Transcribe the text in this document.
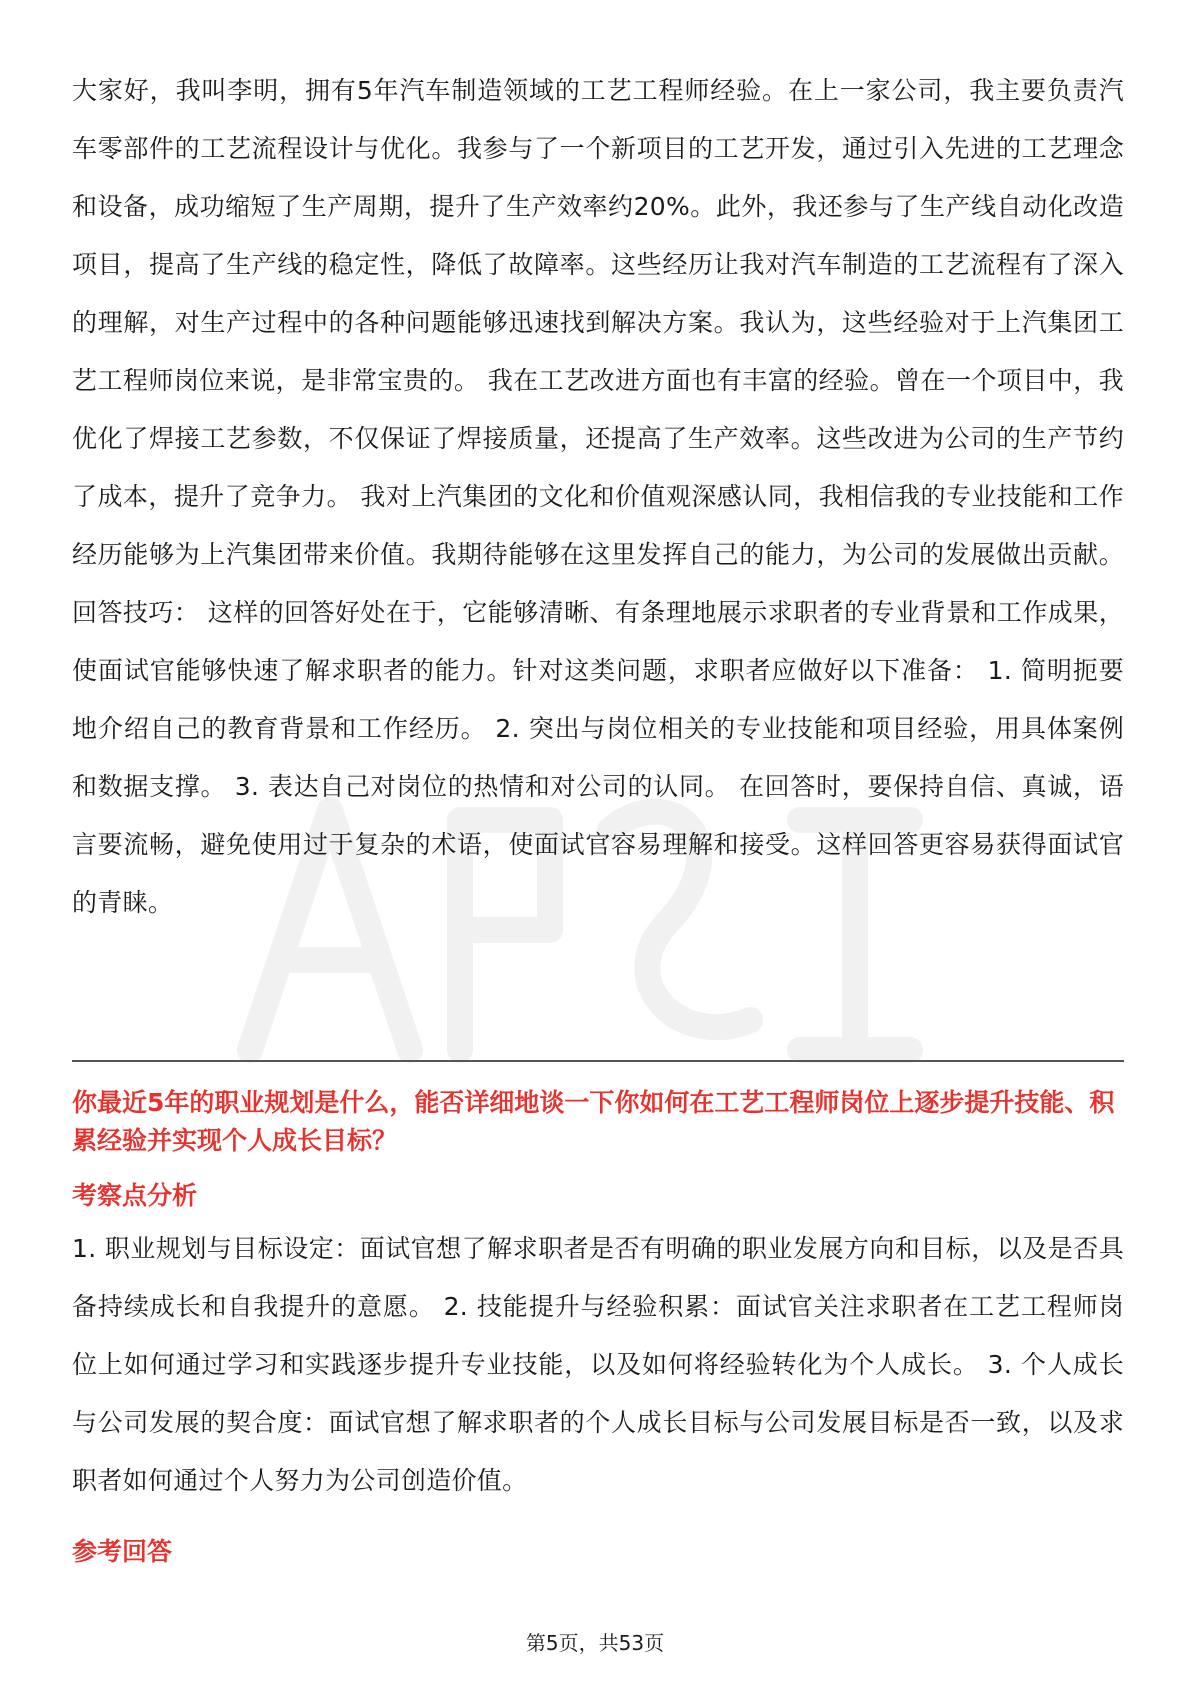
大家好，我叫李明，拥有5年汽车制造领域的工艺工程师经验。在上一家公司，我主要负责汽车零部件的工艺流程设计与优化。我参与了一个新项目的工艺开发，通过引入先进的工艺理念和设备，成功缩短了生产周期，提升了生产效率约20%。此外，我还参与了生产线自动化改造项目，提高了生产线的稳定性，降低了故障率。这些经历让我对汽车制造的工艺流程有了深入的理解，对生产过程中的各种问题能够迅速找到解决方案。我认为，这些经验对于上汽集团工艺工程师岗位来说，是非常宝贵的。 我在工艺改进方面也有丰富的经验。曾在一个项目中，我优化了焊接工艺参数，不仅保证了焊接质量，还提高了生产效率。这些改进为公司的生产节约了成本，提升了竞争力。 我对上汽集团的文化和价值观深感认同，我相信我的专业技能和工作经历能够为上汽集团带来价值。我期待能够在这里发挥自己的能力，为公司的发展做出贡献。 回答技巧： 这样的回答好处在于，它能够清晰、有条理地展示求职者的专业背景和工作成果，使面试官能够快速了解求职者的能力。针对这类问题，求职者应做好以下准备： 1. 简明扼要地介绍自己的教育背景和工作经历。 2. 突出与岗位相关的专业技能和项目经验，用具体案例和数据支撑。 3. 表达自己对岗位的热情和对公司的认同。 在回答时，要保持自信、真诚，语言要流畅，避免使用过于复杂的术语，使面试官容易理解和接受。这样回答更容易获得面试官的青睐。

你最近5年的职业规划是什么，能否详细地谈一下你如何在工艺工程师岗位上逐步提升技能、积累经验并实现个人成长目标？

考察点分析

1. 职业规划与目标设定：面试官想了解求职者是否有明确的职业发展方向和目标，以及是否具备持续成长和自我提升的意愿。 2. 技能提升与经验积累：面试官关注求职者在工艺工程师岗位上如何通过学习和实践逐步提升专业技能，以及如何将经验转化为个人成长。 3. 个人成长与公司发展的契合度：面试官想了解求职者的个人成长目标与公司发展目标是否一致，以及求职者如何通过个人努力为公司创造价值。

参考回答

第5页，共53页
